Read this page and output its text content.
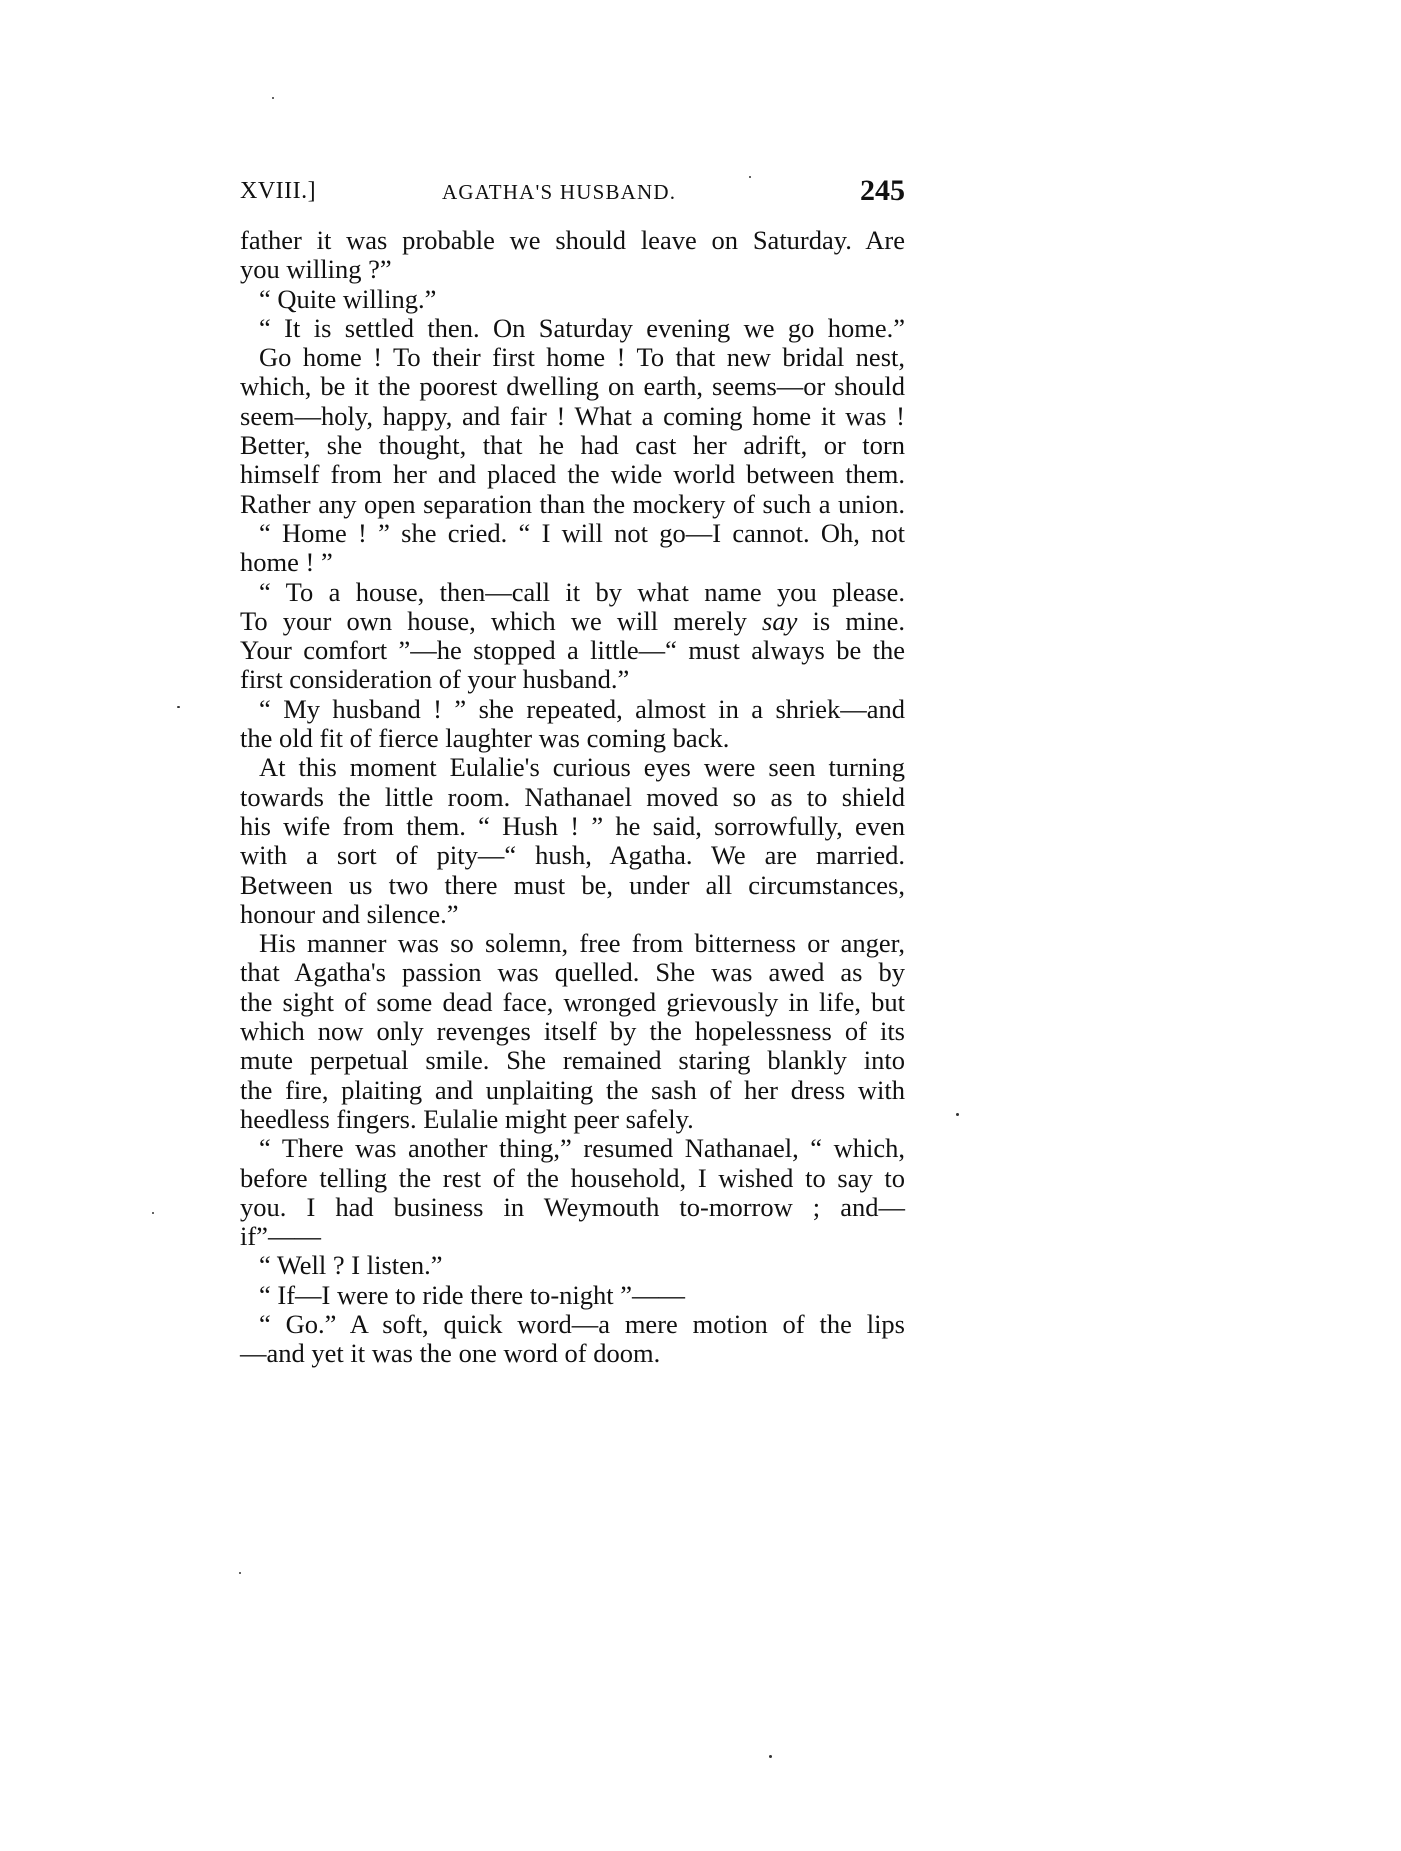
XVIII.]	AGATHA'S HUSBAND.	245
father it was probable we should leave on Saturday. Are
you willing ?”
“ Quite willing.”
“ It is settled then. On Saturday evening we go home.”
Go home ! To their first home ! To that new bridal nest,
which, be it the poorest dwelling on earth, seems—or should
seem—holy, happy, and fair ! What a coming home it was !
Better, she thought, that he had cast her adrift, or torn
himself from her and placed the wide world between them.
Rather any open separation than the mockery of such a union.
“ Home ! ” she cried. “ I will not go—I cannot. Oh, not
home ! ”
“ To a house, then—call it by what name you please.
To your own house, which we will merely say is mine.
Your comfort ”—he stopped a little—“ must always be the
first consideration of your husband.”
“ My husband ! ” she repeated, almost in a shriek—and
the old fit of fierce laughter was coming back.
At this moment Eulalie's curious eyes were seen turning
towards the little room. Nathanael moved so as to shield
his wife from them. “ Hush ! ” he said, sorrowfully, even
with a sort of pity—“ hush, Agatha. We are married.
Between us two there must be, under all circumstances,
honour and silence.”
His manner was so solemn, free from bitterness or anger,
that Agatha's passion was quelled. She was awed as by
the sight of some dead face, wronged grievously in life, but
which now only revenges itself by the hopelessness of its
mute perpetual smile. She remained staring blankly into
the fire, plaiting and unplaiting the sash of her dress with
heedless fingers. Eulalie might peer safely.
“ There was another thing,” resumed Nathanael, “ which,
before telling the rest of the household, I wished to say to
you. I had business in Weymouth to-morrow ; and—
if”——
“ Well ? I listen.”
“ If—I were to ride there to-night ”——
“ Go.” A soft, quick word—a mere motion of the lips
—and yet it was the one word of doom.
